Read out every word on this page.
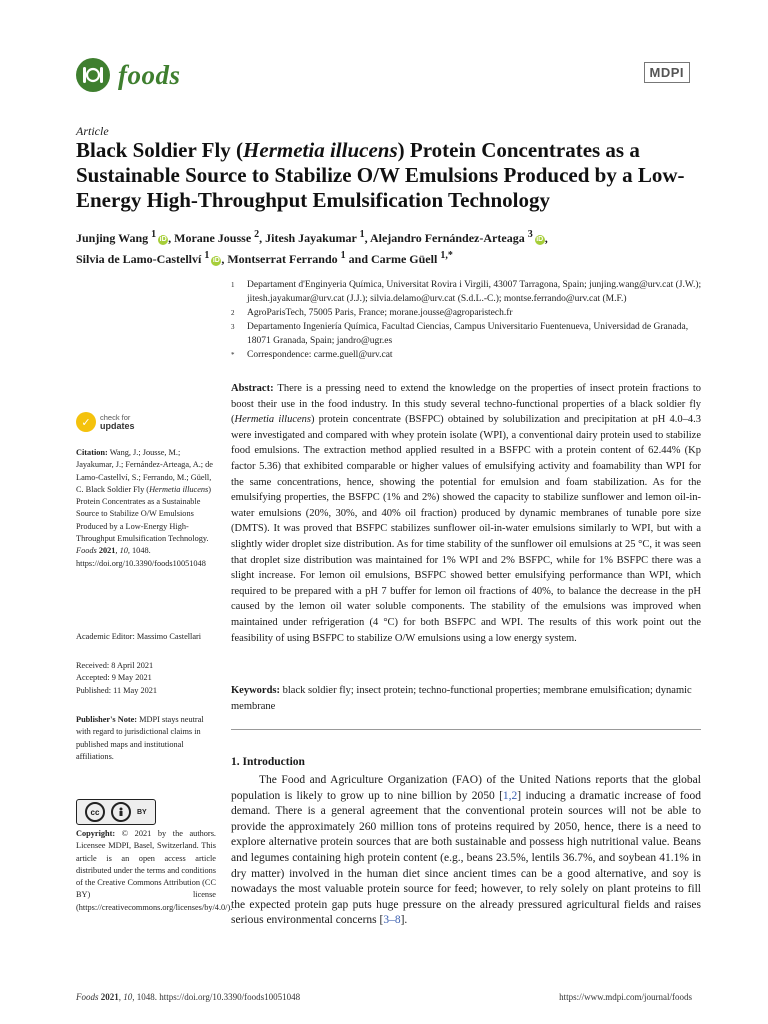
foods	MDPI
Article
Black Soldier Fly (Hermetia illucens) Protein Concentrates as a Sustainable Source to Stabilize O/W Emulsions Produced by a Low-Energy High-Throughput Emulsification Technology
Junjing Wang $^1$ iD , Morane Jousse $^2$, Jitesh Jayakumar $^1$, Alejandro Fernández-Arteaga $^3$ iD ,
Silvia de Lamo-Castellví $^1$ iD , Montserrat Ferrando $^1$ and Carme Güell $^{1,*}$
1	Departament d'Enginyeria Química, Universitat Rovira i Virgili, 43007 Tarragona, Spain; junjing.wang@urv.cat (J.W.); jitesh.jayakumar@urv.cat (J.J.); silvia.delamo@urv.cat (S.d.L.-C.); montse.ferrando@urv.cat (M.F.)
2	AgroParisTech, 75005 Paris, France; morane.jousse@agroparistech.fr
3	Departamento Ingeniería Química, Facultad Ciencias, Campus Universitario Fuentenueva, Universidad de Granada, 18071 Granada, Spain; jandro@ugr.es
*	Correspondence: carme.guell@urv.cat
Abstract: There is a pressing need to extend the knowledge on the properties of insect protein fractions to boost their use in the food industry. In this study several techno-functional properties of a black soldier fly (Hermetia illucens) protein concentrate (BSFPC) obtained by solubilization and precipitation at pH 4.0–4.3 were investigated and compared with whey protein isolate (WPI), a conventional dairy protein used to stabilize food emulsions. The extraction method applied resulted in a BSFPC with a protein content of 62.44% (Kp factor 5.36) that exhibited comparable or higher values of emulsifying activity and foamability than WPI for the same concentrations, hence, showing the potential for emulsion and foam stabilization. As for the emulsifying properties, the BSFPC (1% and 2%) showed the capacity to stabilize sunflower and lemon oil-in-water emulsions (20%, 30%, and 40% oil fraction) produced by dynamic membranes of tunable pore size (DMTS). It was proved that BSFPC stabilizes sunflower oil-in-water emulsions similarly to WPI, but with a slightly wider droplet size distribution. As for time stability of the sunflower oil emulsions at 25 °C, it was seen that droplet size distribution was maintained for 1% WPI and 2% BSFPC, while for 1% BSFPC there was a slight increase. For lemon oil emulsions, BSFPC showed better emulsifying performance than WPI, which required to be prepared with a pH 7 buffer for lemon oil fractions of 40%, to balance the decrease in the pH caused by the lemon oil water soluble components. The stability of the emulsions was improved when maintained under refrigeration (4 °C) for both BSFPC and WPI. The results of this work point out the feasibility of using BSFPC to stabilize O/W emulsions using a low energy system.
Keywords: black soldier fly; insect protein; techno-functional properties; membrane emulsification; dynamic membrane
1. Introduction

The Food and Agriculture Organization (FAO) of the United Nations reports that the global population is likely to grow up to nine billion by 2050 [1,2] inducing a dramatic increase of food demand. There is a general agreement that the conventional protein sources will not be able to provide the approximately 260 million tons of proteins required by 2050, hence, there is a need to explore alternative protein sources that are both sustainable and possess high nutritional value. Beans and legumes containing high protein content (e.g., beans 23.5%, lentils 36.7%, and soybean 41.1% in dry matter) involved in the human diet since ancient times can be a good alternative, and soy is nowadays the most valuable protein source for feed; however, to rely solely on plant proteins to fill the expected protein gap puts huge pressure on the already pressured agricultural fields and raises serious environmental concerns [3–8].

✓	check for
updates
Citation: Wang, J.; Jousse, M.; Jayakumar, J.; Fernández-Arteaga, A.; de Lamo-Castellví, S.; Ferrando, M.; Güell, C. Black Soldier Fly (Hermetia illucens) Protein Concentrates as a Sustainable Source to Stabilize O/W Emulsions Produced by a Low-Energy High-Throughput Emulsification Technology. Foods 2021, 10, 1048. https://doi.org/10.3390/foods10051048
Academic Editor: Massimo Castellari
Received: 8 April 2021
Accepted: 9 May 2021
Published: 11 May 2021
Publisher's Note: MDPI stays neutral with regard to jurisdictional claims in published maps and institutional affiliations.
cc	BY
Copyright: © 2021 by the authors. Licensee MDPI, Basel, Switzerland. This article is an open access article distributed under the terms and conditions of the Creative Commons Attribution (CC BY) license (https://creativecommons.org/licenses/by/4.0/).
Foods 2021, 10, 1048. https://doi.org/10.3390/foods10051048	https://www.mdpi.com/journal/foods
